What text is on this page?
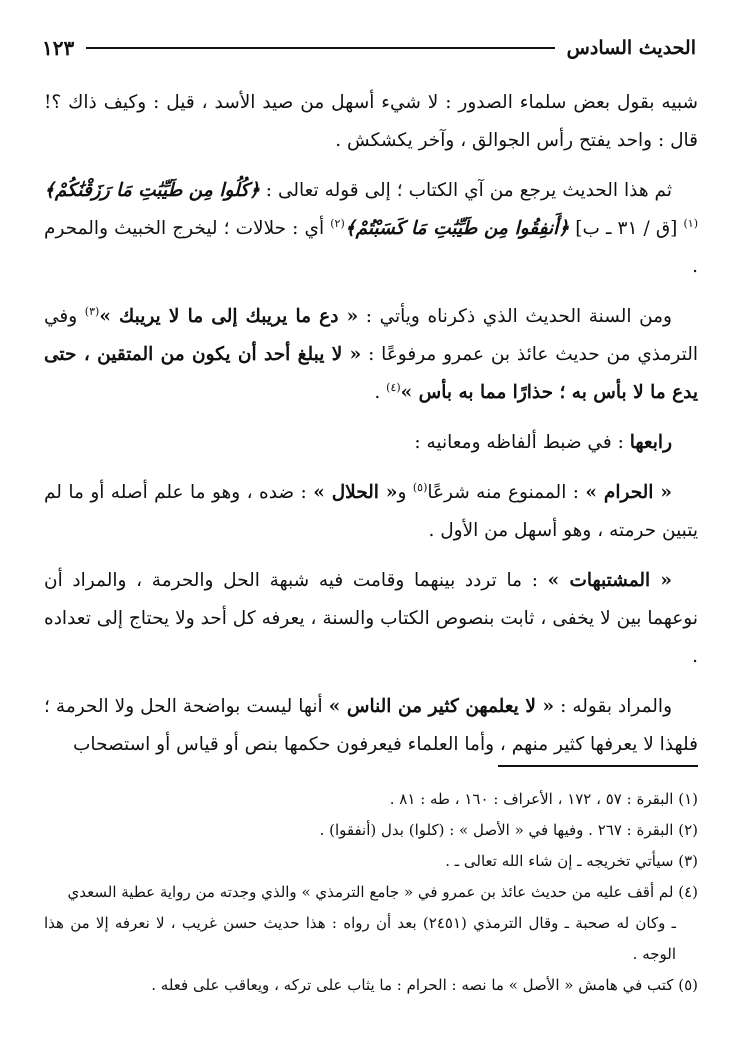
الحديث السادس
١٢٣

شبيه بقول بعض سلماء الصدور : لا شيء أسهل من صيد الأسد ، قيل : وكيف ذاك ؟! قال : واحد يفتح رأس الجوالق ، وآخر يكشكش .

ثم هذا الحديث يرجع من آي الكتاب ؛ إلى قوله تعالى : ﴿كُلُوا مِن طَيِّبَٰتِ مَا رَزَقْنَٰكُمْ﴾$^{(١)}$ [ق / ٣١ ـ ب] ﴿أَنفِقُوا مِن طَيِّبَٰتِ مَا كَسَبْتُمْ﴾$^{(٢)}$ أي : حلالات ؛ ليخرج الخبيث والمحرم .

ومن السنة الحديث الذي ذكرناه ويأتي : « دع ما يريبك إلى ما لا يريبك »$^{(٣)}$ وفي الترمذي من حديث عائذ بن عمرو مرفوعًا : « لا يبلغ أحد أن يكون من المتقين ، حتى يدع ما لا بأس به ؛ حذارًا مما به بأس »$^{(٤)}$ .

رابعها : في ضبط ألفاظه ومعانيه :

« الحرام » : الممنوع منه شرعًا$^{(٥)}$ و« الحلال » : ضده ، وهو ما علم أصله أو ما لم يتبين حرمته ، وهو أسهل من الأول .

« المشتبهات » : ما تردد بينهما وقامت فيه شبهة الحل والحرمة ، والمراد أن نوعهما بين لا يخفى ، ثابت بنصوص الكتاب والسنة ، يعرفه كل أحد ولا يحتاج إلى تعداده .

والمراد بقوله : « لا يعلمهن كثير من الناس » أنها ليست بواضحة الحل ولا الحرمة ؛ فلهذا لا يعرفها كثير منهم ، وأما العلماء فيعرفون حكمها بنص أو قياس أو استصحاب

(١) البقرة : ٥٧ ، ١٧٢ ، الأعراف : ١٦٠ ، طه : ٨١ .

(٢) البقرة : ٢٦٧ . وفيها في « الأصل » : (كلوا) بدل (أنفقوا) .

(٣) سيأتي تخريجه ـ إن شاء الله تعالى ـ .

(٤) لم أقف عليه من حديث عائذ بن عمرو في « جامع الترمذي » والذي وجدته من رواية عطية السعدي

ـ وكان له صحبة ـ وقال الترمذي (٢٤٥١) بعد أن رواه : هذا حديث حسن غريب ، لا نعرفه إلا من هذا الوجه .

(٥) كتب في هامش « الأصل » ما نصه : الحرام : ما يثاب على تركه ، ويعاقب على فعله .
